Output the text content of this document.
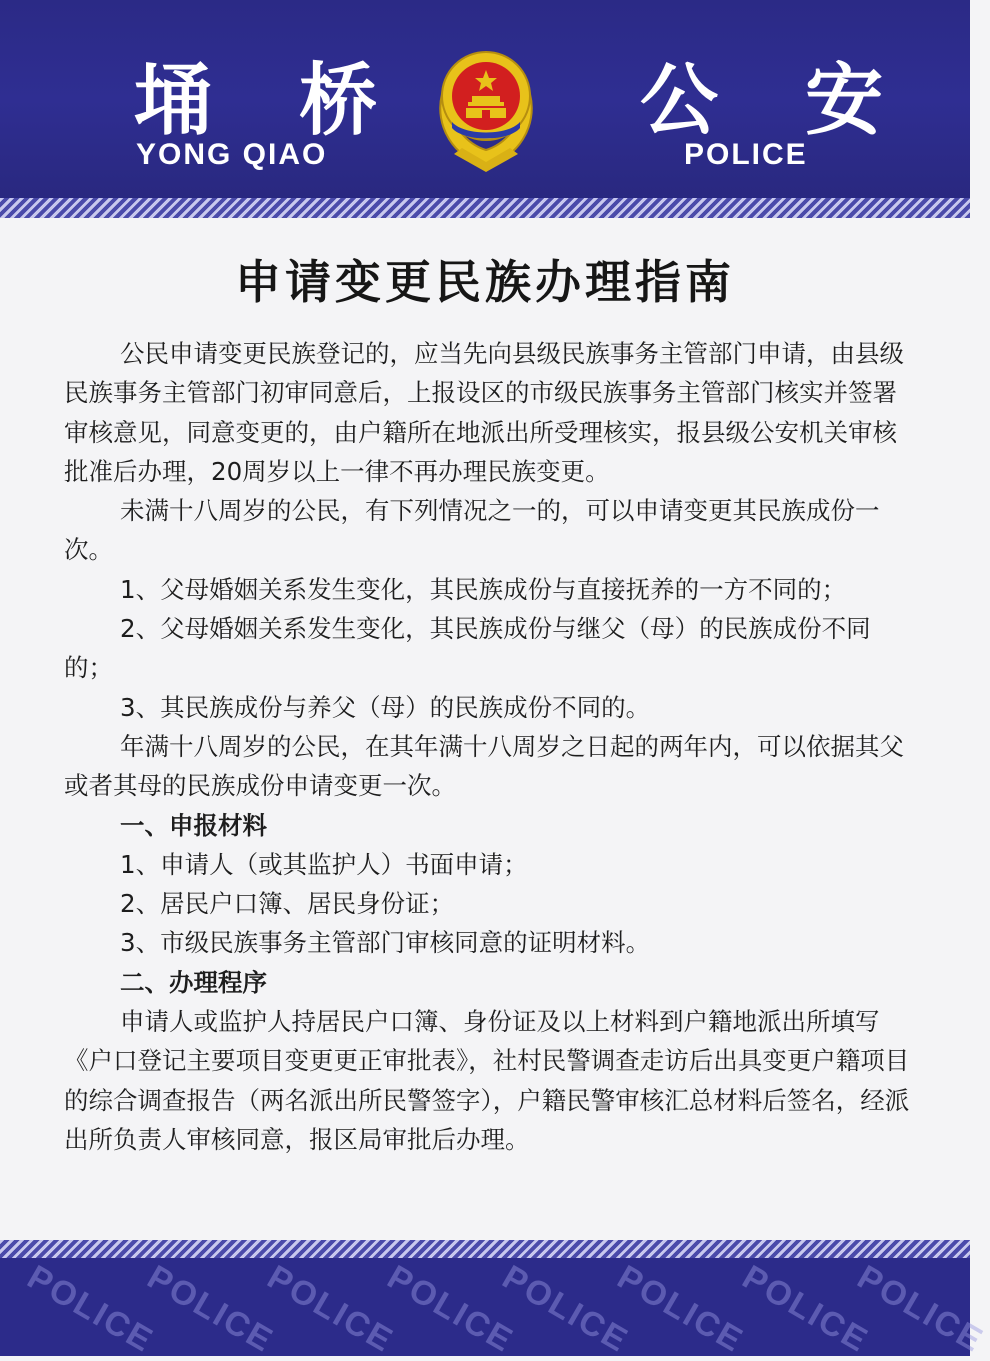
埇 桥
YONG QIAO
公 安
POLICE
申请变更民族办理指南

公民申请变更民族登记的，应当先向县级民族事务主管部门申请，由县级民族事务主管部门初审同意后，上报设区的市级民族事务主管部门核实并签署审核意见，同意变更的，由户籍所在地派出所受理核实，报县级公安机关审核批准后办理，20周岁以上一律不再办理民族变更。

未满十八周岁的公民，有下列情况之一的，可以申请变更其民族成份一次。

1、父母婚姻关系发生变化，其民族成份与直接抚养的一方不同的；

2、父母婚姻关系发生变化，其民族成份与继父（母）的民族成份不同的；

3、其民族成份与养父（母）的民族成份不同的。

年满十八周岁的公民，在其年满十八周岁之日起的两年内，可以依据其父或者其母的民族成份申请变更一次。

一、申报材料

1、申请人（或其监护人）书面申请；

2、居民户口簿、居民身份证；

3、市级民族事务主管部门审核同意的证明材料。

二、办理程序

申请人或监护人持居民户口簿、身份证及以上材料到户籍地派出所填写《户口登记主要项目变更更正审批表》，社村民警调查走访后出具变更户籍项目的综合调查报告（两名派出所民警签字），户籍民警审核汇总材料后签名，经派出所负责人审核同意，报区局审批后办理。

POLICE
POLICE
POLICE
POLICE
POLICE
POLICE
POLICE
POLICE
